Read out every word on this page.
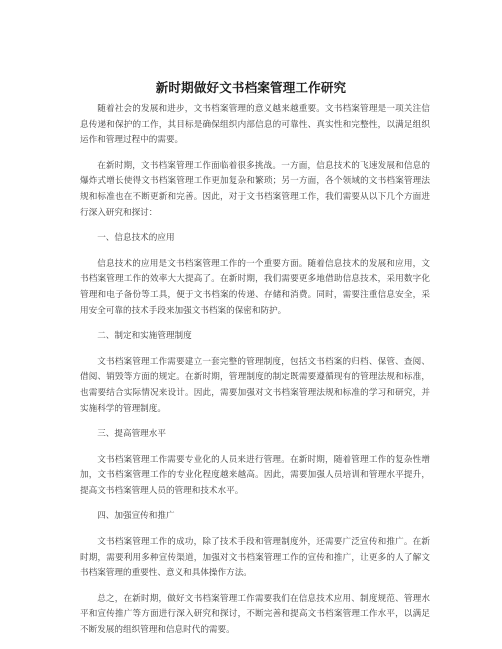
新时期做好文书档案管理工作研究

随着社会的发展和进步，文书档案管理的意义越来越重要。文书档案管理是一项关注信息传递和保护的工作，其目标是确保组织内部信息的可靠性、真实性和完整性，以满足组织运作和管理过程中的需要。

在新时期，文书档案管理工作面临着很多挑战。一方面，信息技术的飞速发展和信息的爆炸式增长使得文书档案管理工作更加复杂和繁琐；另一方面，各个领域的文书档案管理法规和标准也在不断更新和完善。因此，对于文书档案管理工作，我们需要从以下几个方面进行深入研究和探讨：

一、信息技术的应用

信息技术的应用是文书档案管理工作的一个重要方面。随着信息技术的发展和应用，文书档案管理工作的效率大大提高了。在新时期，我们需要更多地借助信息技术，采用数字化管理和电子备份等工具，便于文书档案的传递、存储和消费。同时，需要注重信息安全，采用安全可靠的技术手段来加强文书档案的保密和防护。

二、制定和实施管理制度

文书档案管理工作需要建立一套完整的管理制度，包括文书档案的归档、保管、查阅、借阅、销毁等方面的规定。在新时期，管理制度的制定既需要遵循现有的管理法规和标准，也需要结合实际情况来设计。因此，需要加强对文书档案管理法规和标准的学习和研究，并实施科学的管理制度。

三、提高管理水平

文书档案管理工作需要专业化的人员来进行管理。在新时期，随着管理工作的复杂性增加，文书档案管理工作的专业化程度越来越高。因此，需要加强人员培训和管理水平提升，提高文书档案管理人员的管理和技术水平。

四、加强宣传和推广

文书档案管理工作的成功，除了技术手段和管理制度外，还需要广泛宣传和推广。在新时期，需要利用多种宣传渠道，加强对文书档案管理工作的宣传和推广，让更多的人了解文书档案管理的重要性、意义和具体操作方法。

总之，在新时期，做好文书档案管理工作需要我们在信息技术应用、制度规范、管理水平和宣传推广等方面进行深入研究和探讨，不断完善和提高文书档案管理工作水平，以满足不断发展的组织管理和信息时代的需要。
